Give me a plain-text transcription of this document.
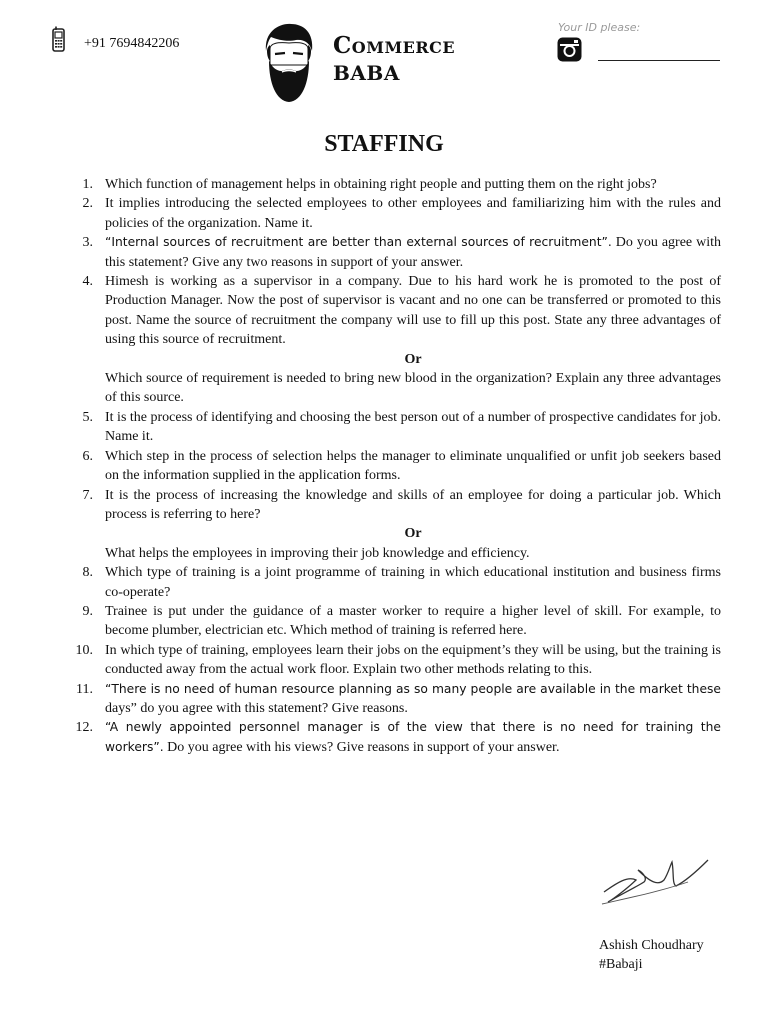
+91 7694842206	Commerce
BABA
Your ID please:
STAFFING
1. Which function of management helps in obtaining right people and putting them on the right jobs?
2. It implies introducing the selected employees to other employees and familiarizing him with the rules and policies of the organization. Name it.
3. “Internal sources of recruitment are better than external sources of recruitment”. Do you agree with this statement? Give any two reasons in support of your answer.
4. Himesh is working as a supervisor in a company. Due to his hard work he is promoted to the post of Production Manager. Now the post of supervisor is vacant and no one can be transferred or promoted to this post. Name the source of recruitment the company will use to fill up this post. State any three advantages of using this source of recruitment.
Or
Which source of requirement is needed to bring new blood in the organization? Explain any three advantages of this source.
5. It is the process of identifying and choosing the best person out of a number of prospective candidates for job. Name it.
6. Which step in the process of selection helps the manager to eliminate unqualified or unfit job seekers based on the information supplied in the application forms.
7. It is the process of increasing the knowledge and skills of an employee for doing a particular job. Which process is referring to here?
Or
What helps the employees in improving their job knowledge and efficiency.
8. Which type of training is a joint programme of training in which educational institution and business firms co-operate?
9. Trainee is put under the guidance of a master worker to require a higher level of skill. For example, to become plumber, electrician etc. Which method of training is referred here.
10. In which type of training, employees learn their jobs on the equipment’s they will be using, but the training is conducted away from the actual work floor. Explain two other methods relating to this.
11. “There is no need of human resource planning as so many people are available in the market these days” do you agree with this statement? Give reasons.
12. “A newly appointed personnel manager is of the view that there is no need for training the workers”. Do you agree with his views? Give reasons in support of your answer.
Ashish Choudhary
#Babaji
